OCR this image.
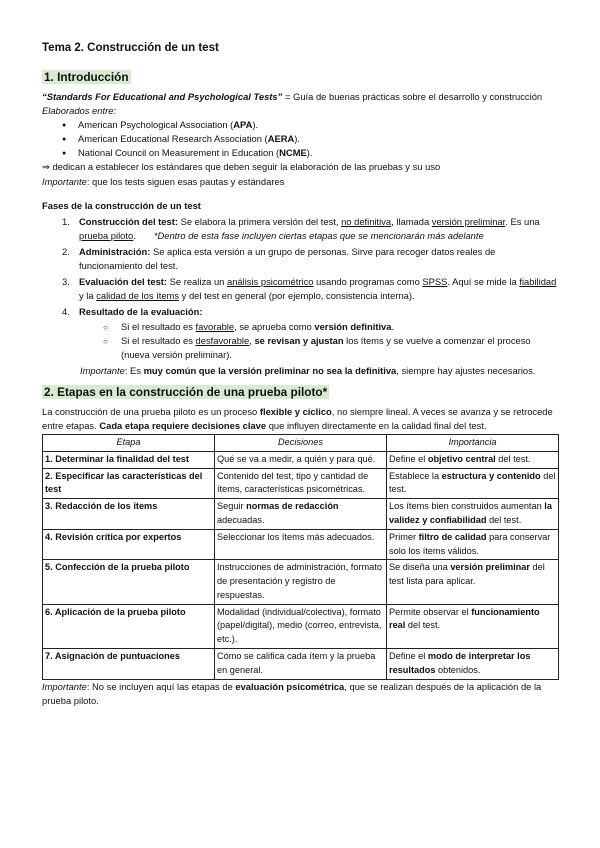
Tema 2. Construcción de un test
1. Introducción

“Standards For Educational and Psychological Tests” = Guía de buenas prácticas sobre el desarrollo y construcción

Elaborados entre:

● American Psychological Association (APA).
● American Educational Research Association (AERA).
● National Council on Measurement in Education (NCME).

⇒ dedican a establecer los estándares que deben seguir la elaboración de las pruebas y su uso

Importante: que los tests siguen esas pautas y estándares

Fases de la construcción de un test
1. Construcción del test: Se elabora la primera versión del test, no definitiva, llamada versión preliminar. Es una prueba piloto. *Dentro de esta fase incluyen ciertas etapas que se mencionarán más adelante
2. Administración: Se aplica esta versión a un grupo de personas. Sirve para recoger datos reales de funcionamiento del test.
3. Evaluación del test: Se realiza un análisis psicométrico usando programas como SPSS. Aquí se mide la fiabilidad y la calidad de los ítems y del test en general (por ejemplo, consistencia interna).
4. Resultado de la evaluación:
○ Si el resultado es favorable, se aprueba como versión definitiva.
○ Si el resultado es desfavorable, se revisan y ajustan los ítems y se vuelve a comenzar el proceso (nueva versión preliminar).

Importante: Es muy común que la versión preliminar no sea la definitiva, siempre hay ajustes necesarios.

2. Etapas en la construcción de una prueba piloto*

La construcción de una prueba piloto es un proceso flexible y cíclico, no siempre lineal. A veces se avanza y se retrocede entre etapas. Cada etapa requiere decisiones clave que influyen directamente en la calidad final del test.

Etapa	Decisiones	Importancia
1. Determinar la finalidad del test	Qué se va a medir, a quién y para qué.	Define el objetivo central del test.
2. Especificar las características del test	Contenido del test, tipo y cantidad de ítems, características psicométricas.	Establece la estructura y contenido del test.
3. Redacción de los ítems	Seguir normas de redacción adecuadas.	Los ítems bien construidos aumentan la validez y confiabilidad del test.
4. Revisión crítica por expertos	Seleccionar los ítems más adecuados.	Primer filtro de calidad para conservar solo los ítems válidos.
5. Confección de la prueba piloto	Instrucciones de administración, formato de presentación y registro de respuestas.	Se diseña una versión preliminar del test lista para aplicar.
6. Aplicación de la prueba piloto	Modalidad (individual/colectiva), formato (papel/digital), medio (correo, entrevista, etc.).	Permite observar el funcionamiento real del test.
7. Asignación de puntuaciones	Cómo se califica cada ítem y la prueba en general.	Define el modo de interpretar los resultados obtenidos.

Importante: No se incluyen aquí las etapas de evaluación psicométrica, que se realizan después de la aplicación de la prueba piloto.
